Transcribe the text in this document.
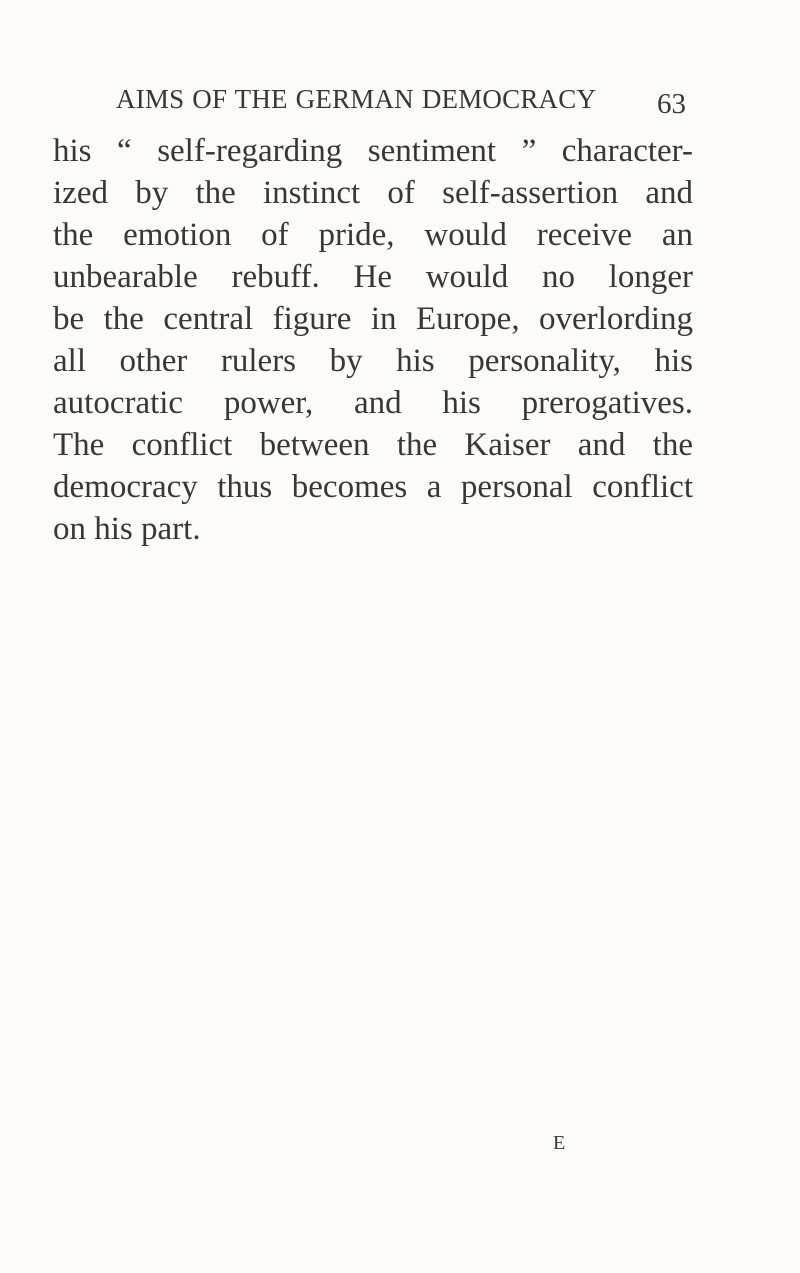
AIMS OF THE GERMAN DEMOCRACY 63
his “ self-regarding sentiment ” character-
ized by the instinct of self-assertion and
the emotion of pride, would receive an
unbearable rebuff. He would no longer
be the central figure in Europe, overlording
all other rulers by his personality, his
autocratic power, and his prerogatives.
The conflict between the Kaiser and the
democracy thus becomes a personal conflict
on his part.
E
